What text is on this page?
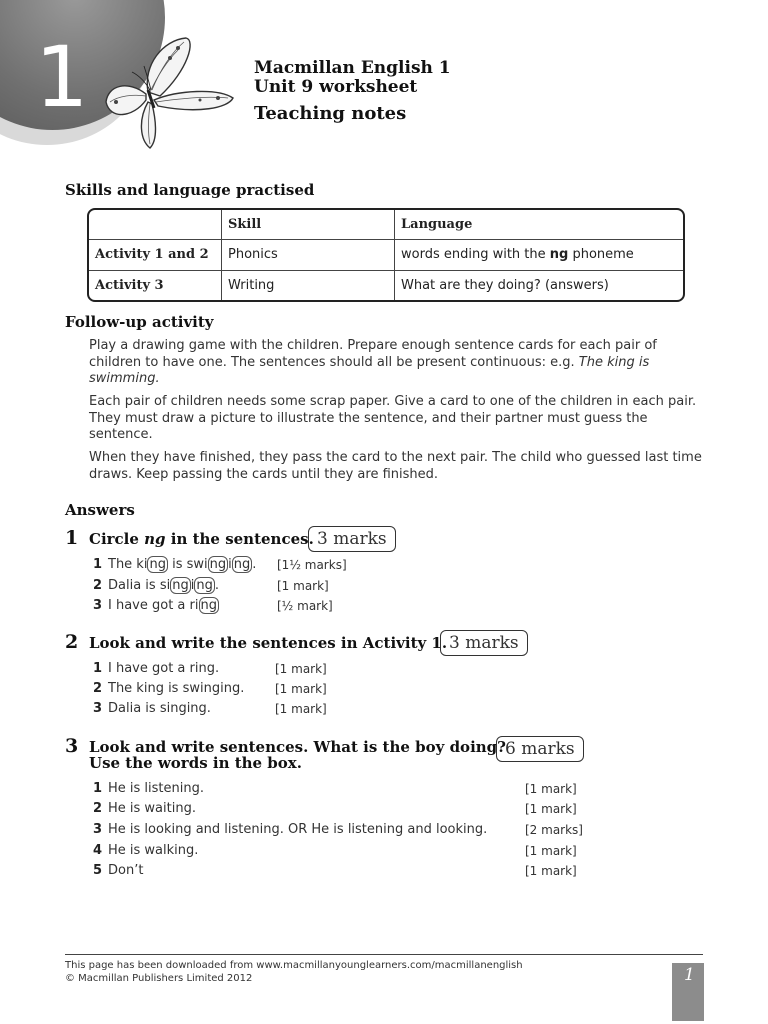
1	Macmillan English 1
Unit 9 worksheet
Teaching notes
Skills and language practised
	Skill	Language
Activity 1 and 2	Phonics	words ending with the ng phoneme
Activity 3	Writing	What are they doing? (answers)
Follow-up activity
Play a drawing game with the children. Prepare enough sentence cards for each pair of children to have one. The sentences should all be present continuous: e.g. The king is swimming.
Each pair of children needs some scrap paper. Give a card to one of the children in each pair. They must draw a picture to illustrate the sentence, and their partner must guess the sentence.
When they have finished, they pass the card to the next pair. The child who guessed last time draws. Keep passing the cards until they are finished.
Answers
1 Circle ng in the sentences. 3 marks
1 The ki ng is swi ng i ng . [1½ marks]
2 Dalia is si ng i ng .	[1 mark]
3 I have got a ri ng	[½ mark]
2 Look and write the sentences in Activity 1. 3 marks
1 I have got a ring.	[1 mark]
2 The king is swinging.	[1 mark]
3 Dalia is singing.	[1 mark]
3 Look and write sentences. What is the boy doing?
Use the words in the box.
6 marks
1 He is listening.	[1 mark]
2 He is waiting.	[1 mark]
3 He is looking and listening. OR He is listening and looking.	[2 marks]
4 He is walking.	[1 mark]
5 Don’t	[1 mark]
This page has been downloaded from www.macmillanyounglearners.com/macmillanenglish
© Macmillan Publishers Limited 2012	1
